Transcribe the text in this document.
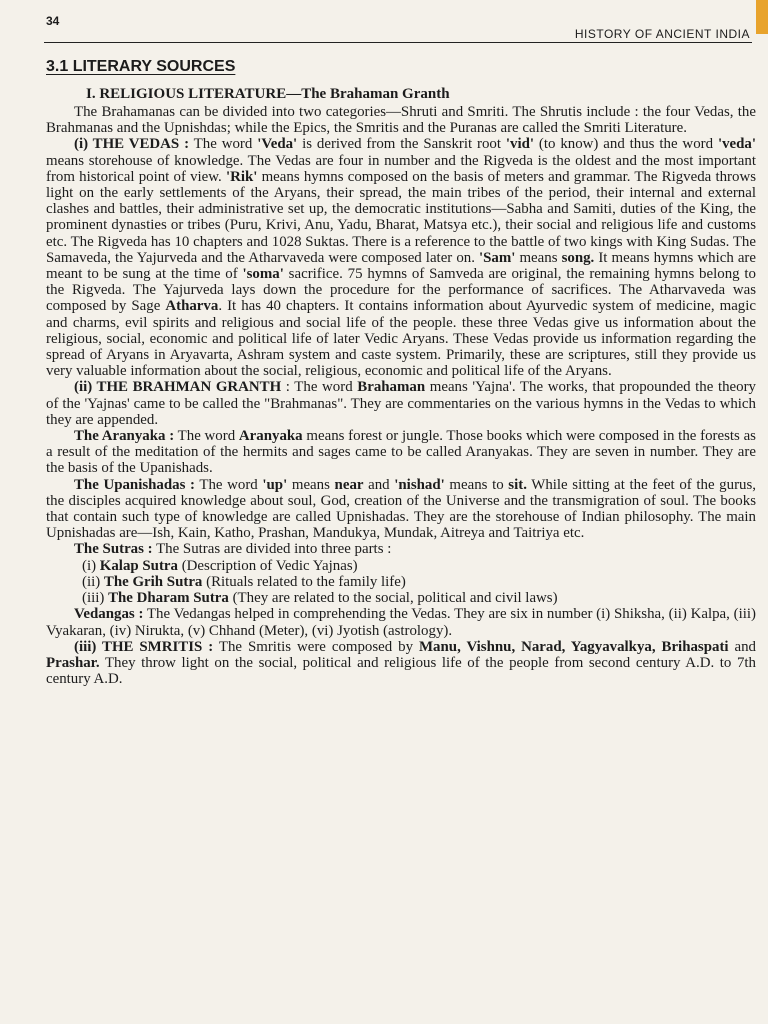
34
HISTORY OF ANCIENT INDIA
3.1 LITERARY SOURCES
I. RELIGIOUS LITERATURE—The Brahaman Granth

The Brahamanas can be divided into two categories—Shruti and Smriti. The Shrutis include : the four Vedas, the Brahmanas and the Upnishdas; while the Epics, the Smritis and the Puranas are called the Smriti Literature.

(i) THE VEDAS : The word 'Veda' is derived from the Sanskrit root 'vid' (to know) and thus the word 'veda' means storehouse of knowledge. The Vedas are four in number and the Rigveda is the oldest and the most important from historical point of view. 'Rik' means hymns composed on the basis of meters and grammar. The Rigveda throws light on the early settlements of the Aryans, their spread, the main tribes of the period, their internal and external clashes and battles, their administrative set up, the democratic institutions—Sabha and Samiti, duties of the King, the prominent dynasties or tribes (Puru, Krivi, Anu, Yadu, Bharat, Matsya etc.), their social and religious life and customs etc. The Rigveda has 10 chapters and 1028 Suktas. There is a reference to the battle of two kings with King Sudas. The Samaveda, the Yajurveda and the Atharvaveda were composed later on. 'Sam' means song. It means hymns which are meant to be sung at the time of 'soma' sacrifice. 75 hymns of Samveda are original, the remaining hymns belong to the Rigveda. The Yajurveda lays down the procedure for the performance of sacrifices. The Atharvaveda was composed by Sage Atharva. It has 40 chapters. It contains information about Ayurvedic system of medicine, magic and charms, evil spirits and religious and social life of the people. these three Vedas give us information about the religious, social, economic and political life of later Vedic Aryans. These Vedas provide us information regarding the spread of Aryans in Aryavarta, Ashram system and caste system. Primarily, these are scriptures, still they provide us very valuable information about the social, religious, economic and political life of the Aryans.

(ii) THE BRAHMAN GRANTH : The word Brahaman means 'Yajna'. The works, that propounded the theory of the 'Yajnas' came to be called the "Brahmanas". They are commentaries on the various hymns in the Vedas to which they are appended.

The Aranyaka : The word Aranyaka means forest or jungle. Those books which were composed in the forests as a result of the meditation of the hermits and sages came to be called Aranyakas. They are seven in number. They are the basis of the Upanishads.

The Upanishadas : The word 'up' means near and 'nishad' means to sit. While sitting at the feet of the gurus, the disciples acquired knowledge about soul, God, creation of the Universe and the transmigration of soul. The books that contain such type of knowledge are called Upnishadas. They are the storehouse of Indian philosophy. The main Upnishadas are—Ish, Kain, Katho, Prashan, Mandukya, Mundak, Aitreya and Taitriya etc.

The Sutras : The Sutras are divided into three parts :

(i) Kalap Sutra (Description of Vedic Yajnas)

(ii) The Grih Sutra (Rituals related to the family life)

(iii) The Dharam Sutra (They are related to the social, political and civil laws)

Vedangas : The Vedangas helped in comprehending the Vedas. They are six in number (i) Shiksha, (ii) Kalpa, (iii) Vyakaran, (iv) Nirukta, (v) Chhand (Meter), (vi) Jyotish (astrology).

(iii) THE SMRITIS : The Smritis were composed by Manu, Vishnu, Narad, Yagyavalkya, Brihaspati and Prashar. They throw light on the social, political and religious life of the people from second century A.D. to 7th century A.D.
